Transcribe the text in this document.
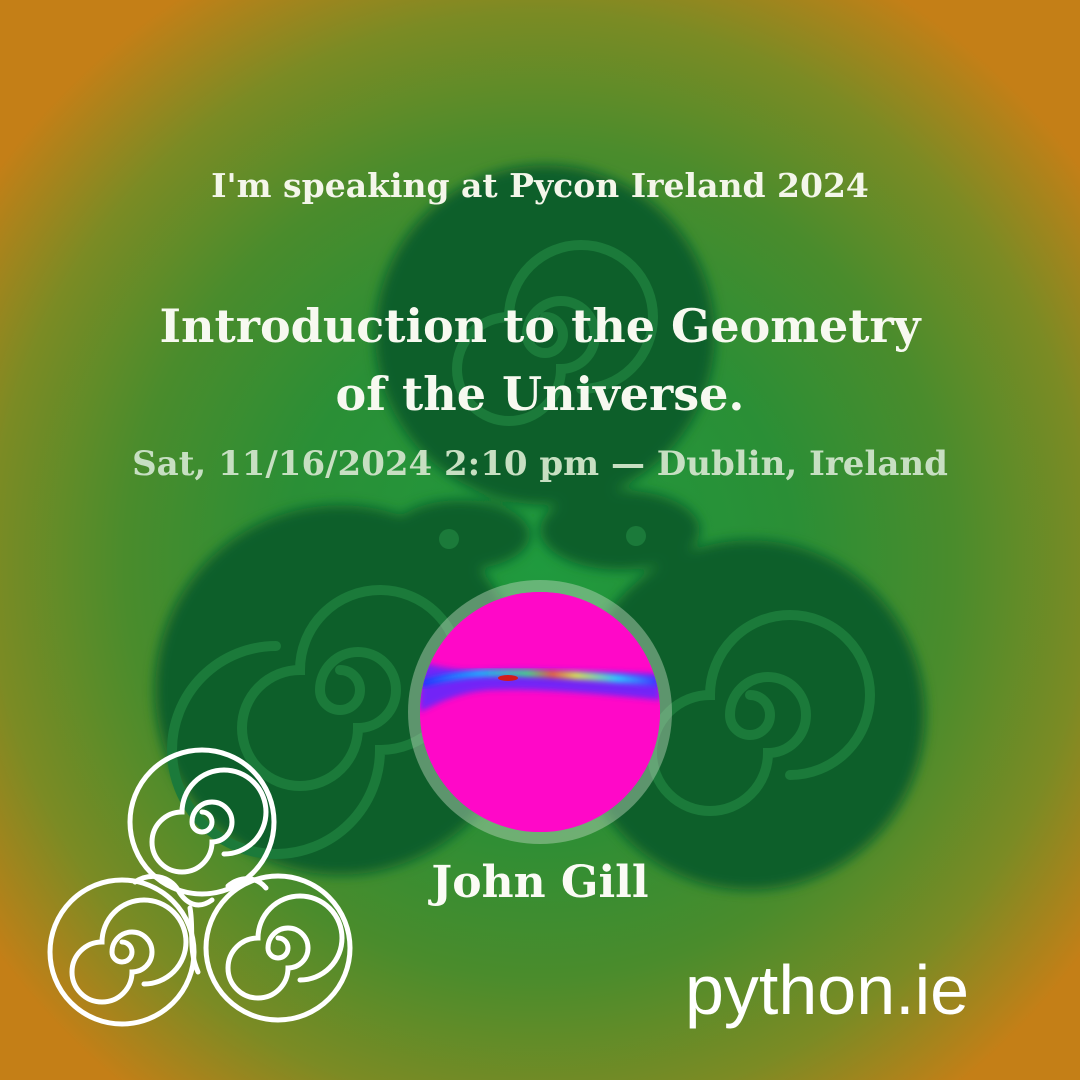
I'm speaking at Pycon Ireland 2024

Introduction to the Geometry of the Universe.

Sat, 11/16/2024 2:10 pm — Dublin, Ireland

John Gill

python.ie
